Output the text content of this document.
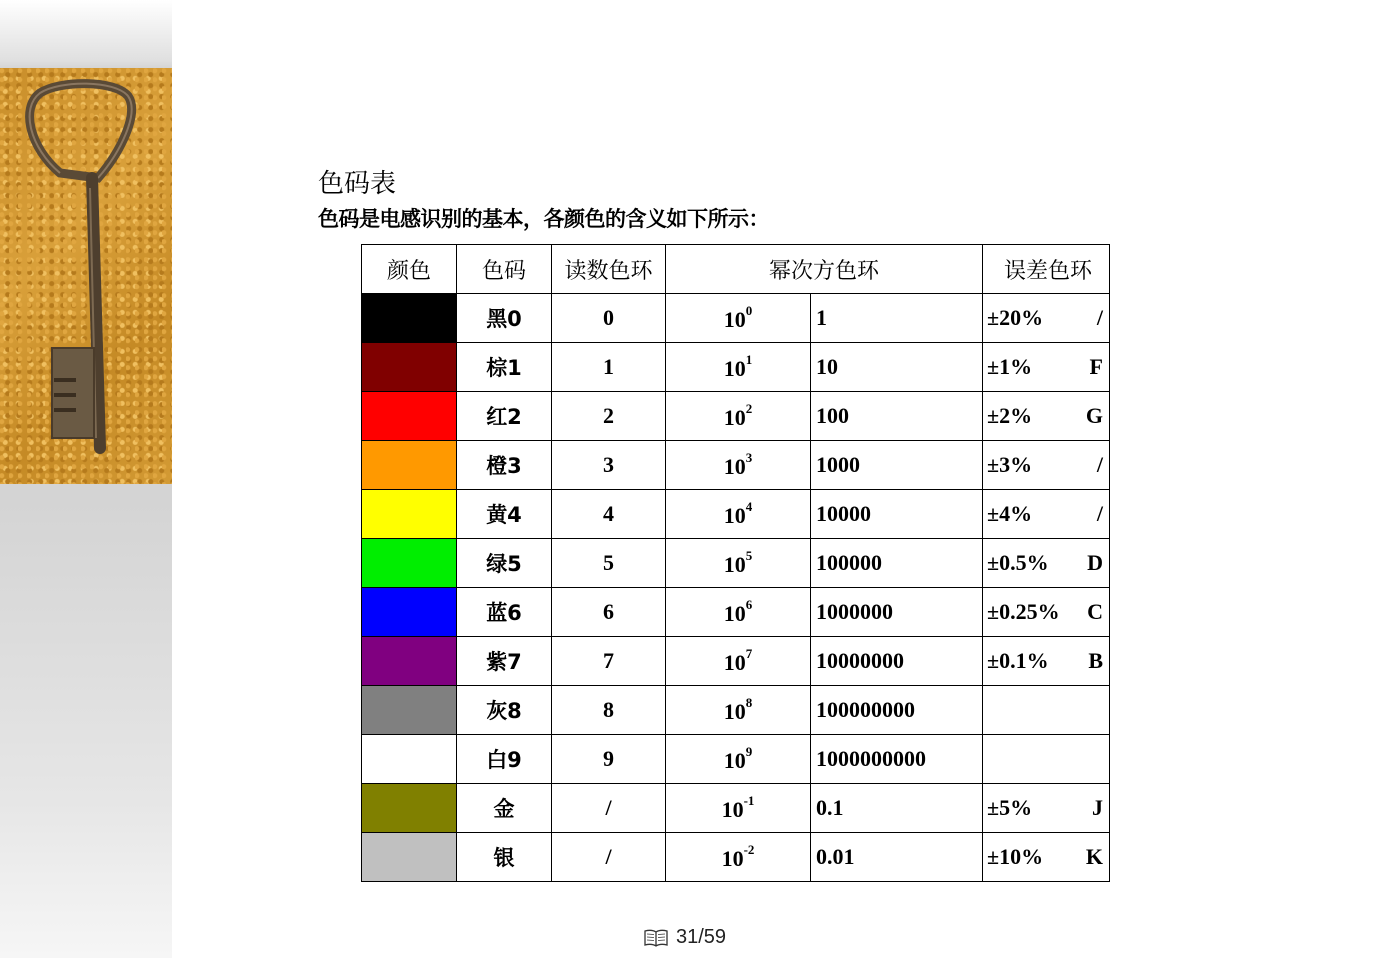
色码表
色码是电感识别的基本，各颜色的含义如下所示：
颜色	色码	读数色环	幂次方色环		误差色环
	黑0	0	$10^0$	1	±20% /

	棕1	1	$10^1$	10	±1% F

	红2	2	$10^2$	100	±2% G

	橙3	3	$10^3$	1000	±3% /

	黄4	4	$10^4$	10000	±4% /

	绿5	5	$10^5$	100000	±0.5% D

	蓝6	6	$10^6$	1000000	±0.25% C

	紫7	7	$10^7$	10000000	±0.1% B

	灰8	8	$10^8$	100000000	

	白9	9	$10^9$	1000000000	

	金	/	$10^{-1}$	0.1	±5% J

	银	/	$10^{-2}$	0.01	±10% K
31/59
